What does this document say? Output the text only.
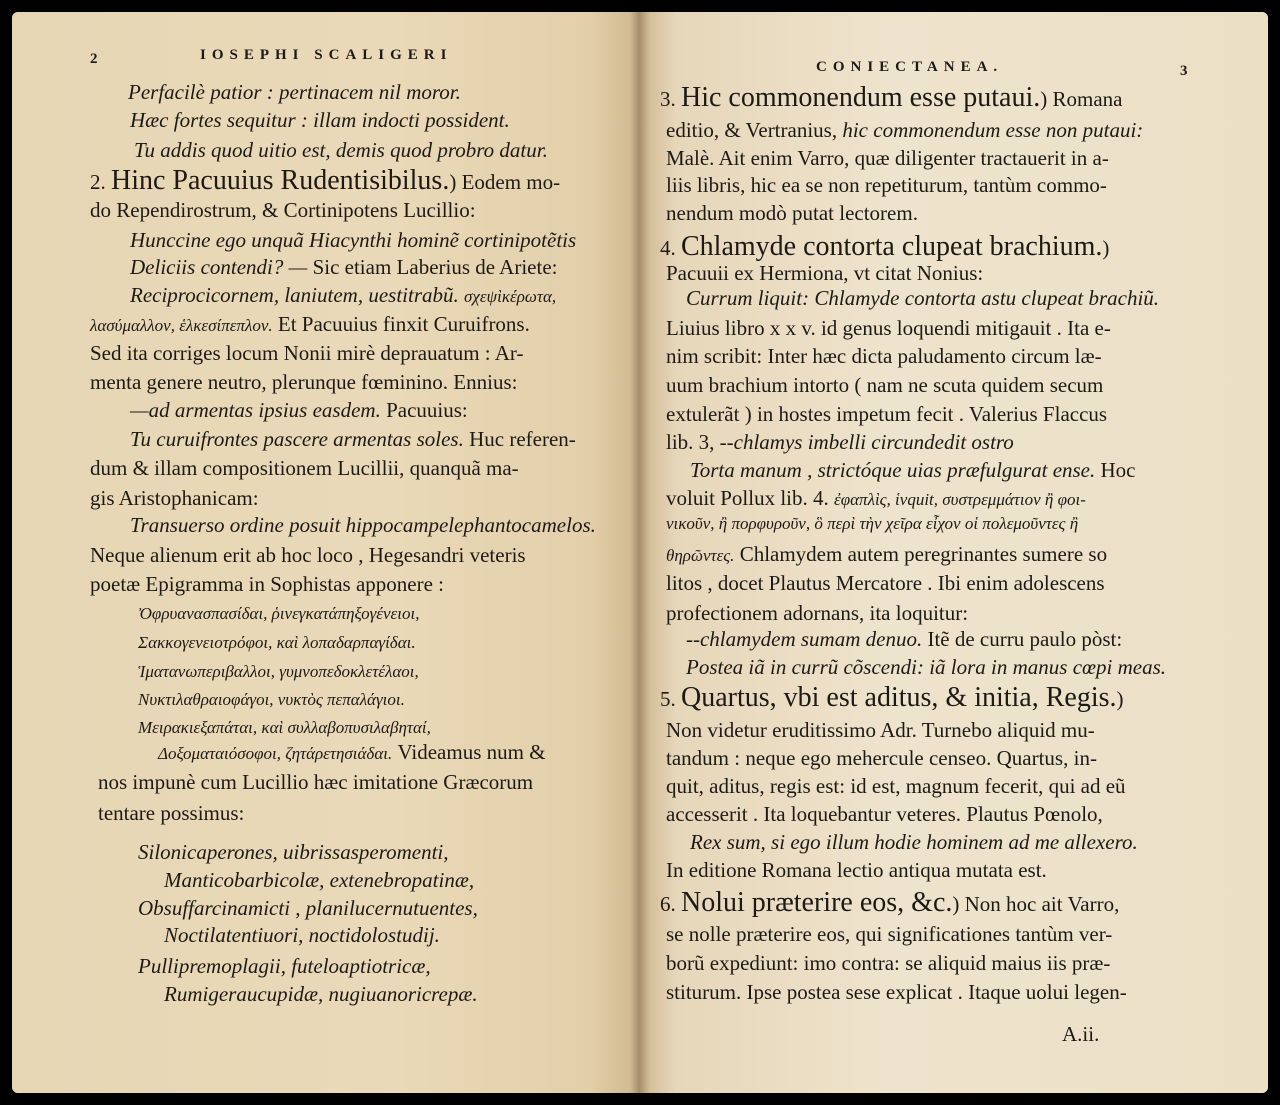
2	IOSEPHI SCALIGERI
Perfacilè patior : pertinacem nil moror.
Hæc fortes sequitur : illam indocti possident.
Tu addis quod uitio est, demis quod probro datur.
2. Hinc Pacuuius Rudentisibilus.) Eodem mo-
do Rependirostrum, & Cortinipotens Lucillio:
Hunccine ego unquã Hiacynthi hominẽ cortinipotẽtis
Deliciis contendi? — Sic etiam Laberius de Ariete:
Reciprocicornem, laniutem, uestitrabũ. σχεψὶκέρωτα,
λασύμαλλον, ἑλκεσίπεπλον. Et Pacuuius finxit Curuifrons.
Sed ita corriges locum Nonii mirè deprauatum : Ar-
menta genere neutro, plerunque fœminino. Ennius:
—ad armentas ipsius easdem. Pacuuius:
Tu curuifrontes pascere armentas soles. Huc referen-
dum & illam compositionem Lucillii, quanquã ma-
gis Aristophanicam:
Transuerso ordine posuit hippocampelephantocamelos.
Neque alienum erit ab hoc loco , Hegesandri veteris
poetæ Epigramma in Sophistas apponere :
Ὀφρυανασπασίδαι, ῥινεγκατάπηξογένειοι,
Σακκογενειοτρόφοι, καὶ λοπαδαρπαγίδαι.
Ἱματανωπεριβαλλοι, γυμνοπεδοκλετέλαοι,
Νυκτιλαθραιοφάγοι, νυκτὸς πεπαλάγιοι.
Μειρακιεξαπάται, καὶ συλλαβοπυσιλαβηταί,
Δοξοματαιόσοφοι, ζητάρετησιάδαι. Videamus num &
nos impunè cum Lucillio hæc imitatione Græcorum
tentare possimus:
Silonicaperones, uibrissasperomenti,
Manticobarbicolæ, extenebropatinæ,
Obsuffarcinamicti , planilucernutuentes,
Noctilatentiuori, noctidolostudij.
Pullipremoplagii, futeloaptiotricæ,
Rumigeraucupidæ, nugiuanoricrepæ.
CONIECTANEA.	3
3. Hic commonendum esse putaui.) Romana
editio, & Vertranius, hic commonendum esse non putaui:
Malè. Ait enim Varro, quæ diligenter tractauerit in a-
liis libris, hic ea se non repetiturum, tantùm commo-
nendum modò putat lectorem.
4. Chlamyde contorta clupeat brachium.)
Pacuuii ex Hermiona, vt citat Nonius:
Currum liquit: Chlamyde contorta astu clupeat brachiũ.
Liuius libro x x v. id genus loquendi mitigauit . Ita e-
nim scribit: Inter hæc dicta paludamento circum læ-
uum brachium intorto ( nam ne scuta quidem secum
extulerãt ) in hostes impetum fecit . Valerius Flaccus
lib. 3, --chlamys imbelli circundedit ostro
Torta manum , strictóque uias præfulgurat ense. Hoc
voluit Pollux lib. 4. ἐφαπλὶς, ἱνquit, συστρεμμάτιον ἢ φοι-
νικοῦν, ἢ πορφυροῦν, ὃ περὶ τὴν χεῖρα εἶχον οἱ πολεμοῦντες ἢ
θηρῶντες. Chlamydem autem peregrinantes sumere so
litos , docet Plautus Mercatore . Ibi enim adolescens
profectionem adornans, ita loquitur:
--chlamydem sumam denuo. Itẽ de curru paulo pòst:
Postea iã in currũ cõscendi: iã lora in manus cœpi meas.
5. Quartus, vbi est aditus, & initia, Regis.)
Non videtur eruditissimo Adr. Turnebo aliquid mu-
tandum : neque ego mehercule censeo. Quartus, in-
quit, aditus, regis est: id est, magnum fecerit, qui ad eũ
accesserit . Ita loquebantur veteres. Plautus Pœnolo,
Rex sum, si ego illum hodie hominem ad me allexero.
In editione Romana lectio antiqua mutata est.
6. Nolui præterire eos, &c.) Non hoc ait Varro,
se nolle præterire eos, qui significationes tantùm ver-
borũ expediunt: imo contra: se aliquid maius iis præ-
stiturum. Ipse postea sese explicat . Itaque uolui legen-
A.ii.
